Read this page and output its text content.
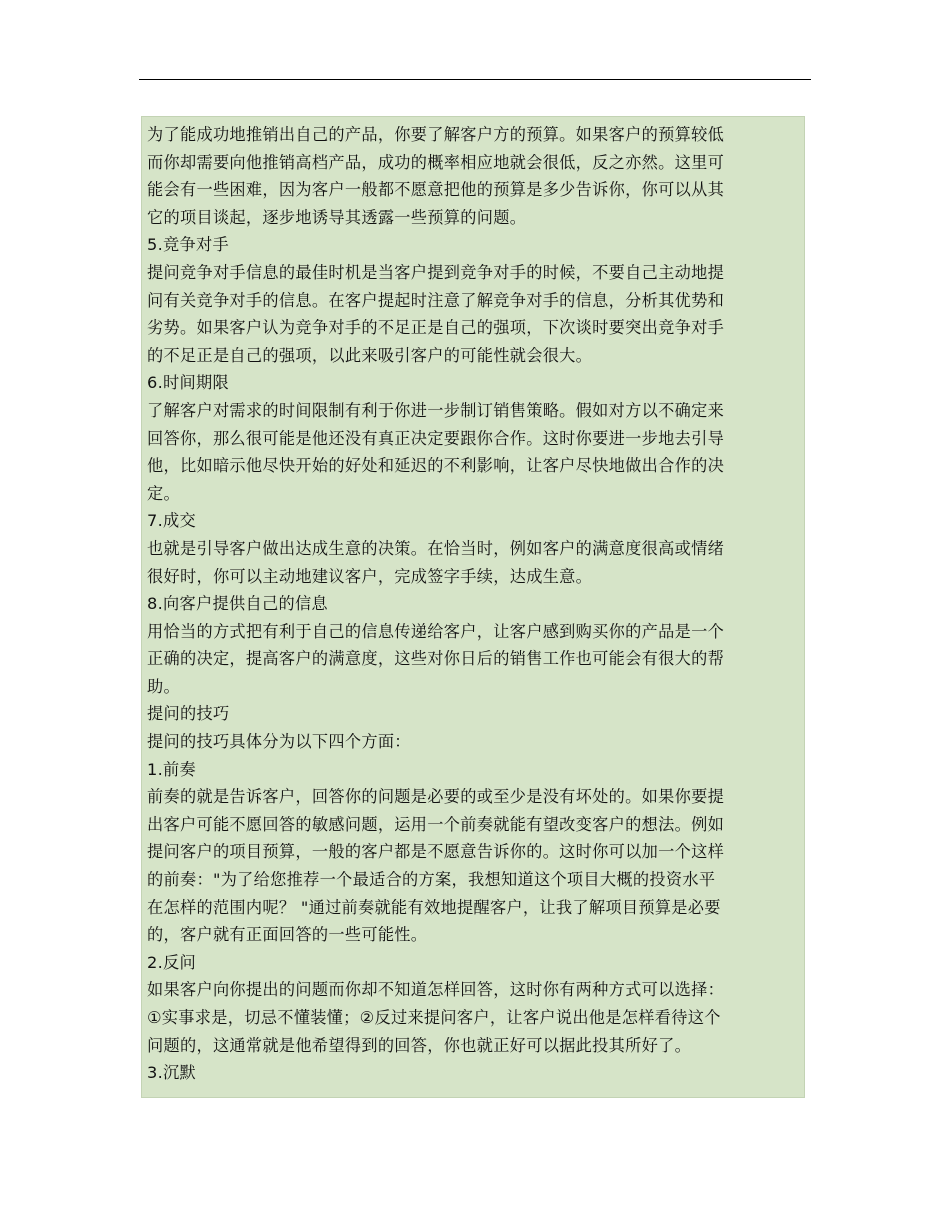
为了能成功地推销出自己的产品，你要了解客户方的预算。如果客户的预算较低
而你却需要向他推销高档产品，成功的概率相应地就会很低，反之亦然。这里可
能会有一些困难，因为客户一般都不愿意把他的预算是多少告诉你，你可以从其
它的项目谈起，逐步地诱导其透露一些预算的问题。
5.竞争对手
提问竞争对手信息的最佳时机是当客户提到竞争对手的时候，不要自己主动地提
问有关竞争对手的信息。在客户提起时注意了解竞争对手的信息，分析其优势和
劣势。如果客户认为竞争对手的不足正是自己的强项，下次谈时要突出竞争对手
的不足正是自己的强项，以此来吸引客户的可能性就会很大。
6.时间期限
了解客户对需求的时间限制有利于你进一步制订销售策略。假如对方以不确定来
回答你，那么很可能是他还没有真正决定要跟你合作。这时你要进一步地去引导
他，比如暗示他尽快开始的好处和延迟的不利影响，让客户尽快地做出合作的决
定。
7.成交
也就是引导客户做出达成生意的决策。在恰当时，例如客户的满意度很高或情绪
很好时，你可以主动地建议客户，完成签字手续，达成生意。
8.向客户提供自己的信息
用恰当的方式把有利于自己的信息传递给客户，让客户感到购买你的产品是一个
正确的决定，提高客户的满意度，这些对你日后的销售工作也可能会有很大的帮
助。
提问的技巧
提问的技巧具体分为以下四个方面：
1.前奏
前奏的就是告诉客户，回答你的问题是必要的或至少是没有坏处的。如果你要提
出客户可能不愿回答的敏感问题，运用一个前奏就能有望改变客户的想法。例如
提问客户的项目预算，一般的客户都是不愿意告诉你的。这时你可以加一个这样
的前奏："为了给您推荐一个最适合的方案，我想知道这个项目大概的投资水平
在怎样的范围内呢？ "通过前奏就能有效地提醒客户，让我了解项目预算是必要
的，客户就有正面回答的一些可能性。
2.反问
如果客户向你提出的问题而你却不知道怎样回答，这时你有两种方式可以选择：
①实事求是，切忌不懂装懂；②反过来提问客户，让客户说出他是怎样看待这个
问题的，这通常就是他希望得到的回答，你也就正好可以据此投其所好了。
3.沉默
